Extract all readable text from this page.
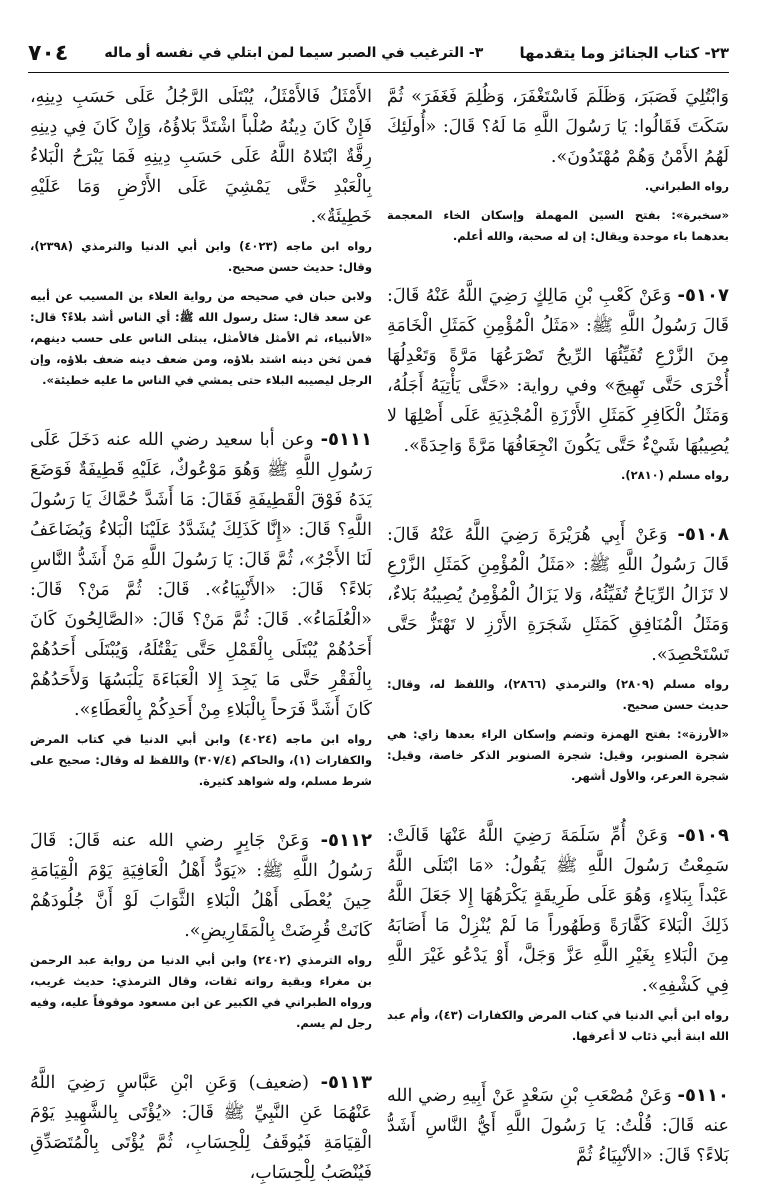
٢٣- كتاب الجنائز وما يتقدمها
٣- الترغيب في الصبر سيما لمن ابتلي في نفسه أو ماله
٧٠٤

وَابْتُلِيَ فَصَبَرَ، وَظَلَمَ فَاسْتَغْفَرَ، وَظُلِمَ فَغَفَرَ» ثُمَّ سَكَتَ فَقَالُوا: يَا رَسُولَ اللَّهِ مَا لَهُ؟ قَالَ: «أُولَئِكَ لَهُمُ الأَمْنُ وَهُمْ مُهْتَدُونَ».

رواه الطبراني.

«سخبرة»: بفتح السين المهملة وإسكان الخاء المعجمة بعدهما باء موحدة ويقال: إن له صحبة، والله أعلم.

٥١٠٧- وَعَنْ كَعْبِ بْنِ مَالِكٍ رَضِيَ اللَّهُ عَنْهُ قَالَ: قَالَ رَسُولُ اللَّهِ ﷺ: «مَثَلُ الْمُؤْمِنِ كَمَثَلِ الْخَامَةِ مِنَ الزَّرْعِ تُفَيِّئُهَا الرِّيحُ تَصْرَعُهَا مَرَّةً وَتَعْدِلُهَا أُخْرَى حَتَّى تَهِيجَ» وفي رواية: «حَتَّى يَأْتِيَهُ أَجَلُهُ، وَمَثَلُ الْكَافِرِ كَمَثَلِ الأَرْزَةِ الْمُجْذِيَةِ عَلَى أَصْلِهَا لا يُصِيبُهَا شَيْءٌ حَتَّى يَكُونَ انْجِعَافُهَا مَرَّةً وَاحِدَةً».

رواه مسلم (٢٨١٠).

٥١٠٨- وَعَنْ أَبِي هُرَيْرَةَ رَضِيَ اللَّهُ عَنْهُ قَالَ: قَالَ رَسُولُ اللَّهِ ﷺ: «مَثَلُ الْمُؤْمِنِ كَمَثَلِ الزَّرْعِ لا تَزَالُ الرِّيَاحُ تُفَيِّئُهُ، وَلا يَزَالُ الْمُؤْمِنُ يُصِيبُهُ بَلاءٌ، وَمَثَلُ الْمُنَافِقِ كَمَثَلِ شَجَرَةِ الأَرْزِ لا تَهْتَزُّ حَتَّى تَسْتَحْصِدَ».

رواه مسلم (٢٨٠٩) والترمذي (٢٨٦٦)، واللفظ له، وقال: حديث حسن صحيح.

«الأرزة»: بفتح الهمزة وتضم وإسكان الراء بعدها زاي: هي شجرة الصنوبر، وقيل: شجرة الصنوبر الذكر خاصة، وقيل: شجرة العرعر، والأول أشهر.

٥١٠٩- وَعَنْ أُمِّ سَلَمَةَ رَضِيَ اللَّهُ عَنْهَا قَالَتْ: سَمِعْتُ رَسُولَ اللَّهِ ﷺ يَقُولُ: «مَا ابْتَلَى اللَّهُ عَبْداً بِبَلاءٍ، وَهُوَ عَلَى طَرِيقَةٍ يَكْرَهُهَا إِلا جَعَلَ اللَّهُ ذَلِكَ الْبَلاءَ كَفَّارَةً وَطَهُوراً مَا لَمْ يُنْزِلْ مَا أَصَابَهُ مِنَ الْبَلاءِ بِغَيْرِ اللَّهِ عَزَّ وَجَلَّ، أَوْ يَدْعُو غَيْرَ اللَّهِ فِي كَشْفِهِ».

رواه ابن أبي الدنيا في كتاب المرض والكفارات (٤٣)، وأم عبد الله ابنة أبي ذئاب لا أعرفها.

٥١١٠- وَعَنْ مُصْعَبِ بْنِ سَعْدٍ عَنْ أَبِيهِ رضي الله عنه قَالَ: قُلْتُ: يَا رَسُولَ اللَّهِ أَيُّ النَّاسِ أَشَدُّ بَلاءً؟ قَالَ: «الأنْبِيَاءُ ثُمَّ

الأَمْثَلُ فَالأَمْثَلُ، يُبْتَلَى الرَّجُلُ عَلَى حَسَبِ دِينِهِ، فَإِنْ كَانَ دِينُهُ صُلْباً اشْتَدَّ بَلاؤُهُ، وَإِنْ كَانَ فِي دِينِهِ رِقَّةٌ ابْتَلاهُ اللَّهُ عَلَى حَسَبِ دِينِهِ فَمَا يَبْرَحُ الْبَلاءُ بِالْعَبْدِ حَتَّى يَمْشِيَ عَلَى الأَرْضِ وَمَا عَلَيْهِ خَطِيئَةٌ».

رواه ابن ماجه (٤٠٢٣) وابن أبي الدنيا والترمذي (٢٣٩٨)، وقال: حديث حسن صحيح.

ولابن حبان في صحيحه من رواية العلاء بن المسيب عن أبيه عن سعد قال: سئل رسول الله ﷺ: أي الناس أشد بلاءً؟ قال: «الأنبياء، ثم الأمثل فالأمثل، يبتلى الناس على حسب دينهم، فمن ثخن دينه اشتد بلاؤه، ومن ضعف دينه ضعف بلاؤه، وإن الرجل ليصيبه البلاء حتى يمشي في الناس ما عليه خطيئة».

٥١١١- وعن أبا سعيد رضي الله عنه دَخَلَ عَلَى رَسُولِ اللَّهِ ﷺ وَهُوَ مَوْعُوكٌ، عَلَيْهِ قَطِيفَةٌ فَوَضَعَ يَدَهُ فَوْقَ الْقَطِيفَةِ فَقَالَ: مَا أَشَدَّ حُمَّاكَ يَا رَسُولَ اللَّهِ؟ قَالَ: «إِنَّا كَذَلِكَ يُشَدَّدُ عَلَيْنَا الْبَلاءُ وَيُضَاعَفُ لَنَا الأَجْرُ»، ثُمَّ قَالَ: يَا رَسُولَ اللَّهِ مَنْ أَشَدُّ النَّاسِ بَلاءً؟ قَالَ: «الأَنْبِيَاءُ». قَالَ: ثُمَّ مَنْ؟ قَالَ: «الْعُلَمَاءُ». قَالَ: ثُمَّ مَنْ؟ قَالَ: «الصَّالِحُونَ كَانَ أَحَدُهُمْ يُبْتَلَى بِالْقَمْلِ حَتَّى يَقْتُلَهُ، وَيُبْتَلَى أَحَدُهُمْ بِالْفَقْرِ حَتَّى مَا يَجِدَ إِلا الْعَبَاءَةَ يَلْبَسُهَا وَلأَحَدُهُمْ كَانَ أَشَدَّ فَرَحاً بِالْبَلاءِ مِنْ أَحَدِكُمْ بِالْعَطَاءِ».

رواه ابن ماجه (٤٠٢٤) وابن أبي الدنيا في كتاب المرض والكفارات (١)، والحاكم (٣٠٧/٤) واللفظ له وقال: صحيح على شرط مسلم، وله شواهد كثيرة.

٥١١٢- وَعَنْ جَابِرٍ رضي الله عنه قَالَ: قَالَ رَسُولُ اللَّهِ ﷺ: «يَوَدُّ أَهْلُ الْعَافِيَةِ يَوْمَ الْقِيَامَةِ حِينَ يُعْطَى أَهْلُ الْبَلاءِ الثَّوَابَ لَوْ أَنَّ جُلُودَهُمْ كَانَتْ قُرِضَتْ بِالْمَقَارِيضِ».

رواه الترمذي (٢٤٠٢) وابن أبي الدنيا من رواية عبد الرحمن بن مغراء وبقية رواته ثقات، وقال الترمذي: حديث غريب، ورواه الطبراني في الكبير عن ابن مسعود موقوفاً عليه، وفيه رجل لم يسم.

٥١١٣- (ضعيف) وَعَنِ ابْنِ عَبَّاسٍ رَضِيَ اللَّهُ عَنْهُمَا عَنِ النَّبِيِّ ﷺ قَالَ: «يُؤْتَى بِالشَّهِيدِ يَوْمَ الْقِيَامَةِ فَيُوقَفُ لِلْحِسَابِ، ثُمَّ يُؤْتَى بِالْمُتَصَدِّقِ فَيُنْصَبُ لِلْحِسَابِ،
